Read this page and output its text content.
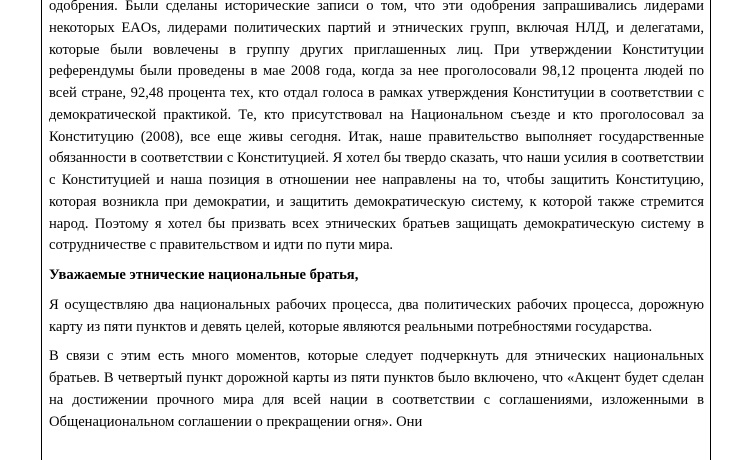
одобрения. Были сделаны исторические записи о том, что эти одобрения запрашивались лидерами некоторых EAOs, лидерами политических партий и этнических групп, включая НЛД, и делегатами, которые были вовлечены в группу других приглашенных лиц. При утверждении Конституции референдумы были проведены в мае 2008 года, когда за нее проголосовали 98,12 процента людей по всей стране, 92,48 процента тех, кто отдал голоса в рамках утверждения Конституции в соответствии с демократической практикой. Те, кто присутствовал на Национальном съезде и кто проголосовал за Конституцию (2008), все еще живы сегодня. Итак, наше правительство выполняет государственные обязанности в соответствии с Конституцией. Я хотел бы твердо сказать, что наши усилия в соответствии с Конституцией и наша позиция в отношении нее направлены на то, чтобы защитить Конституцию, которая возникла при демократии, и защитить демократическую систему, к которой также стремится народ. Поэтому я хотел бы призвать всех этнических братьев защищать демократическую систему в сотрудничестве с правительством и идти по пути мира.

Уважаемые этнические национальные братья,

Я осуществляю два национальных рабочих процесса, два политических рабочих процесса, дорожную карту из пяти пунктов и девять целей, которые являются реальными потребностями государства.

В связи с этим есть много моментов, которые следует подчеркнуть для этнических национальных братьев. В четвертый пункт дорожной карты из пяти пунктов было включено, что «Акцент будет сделан на достижении прочного мира для всей нации в соответствии с соглашениями, изложенными в Общенациональном соглашении о прекращении огня». Они
